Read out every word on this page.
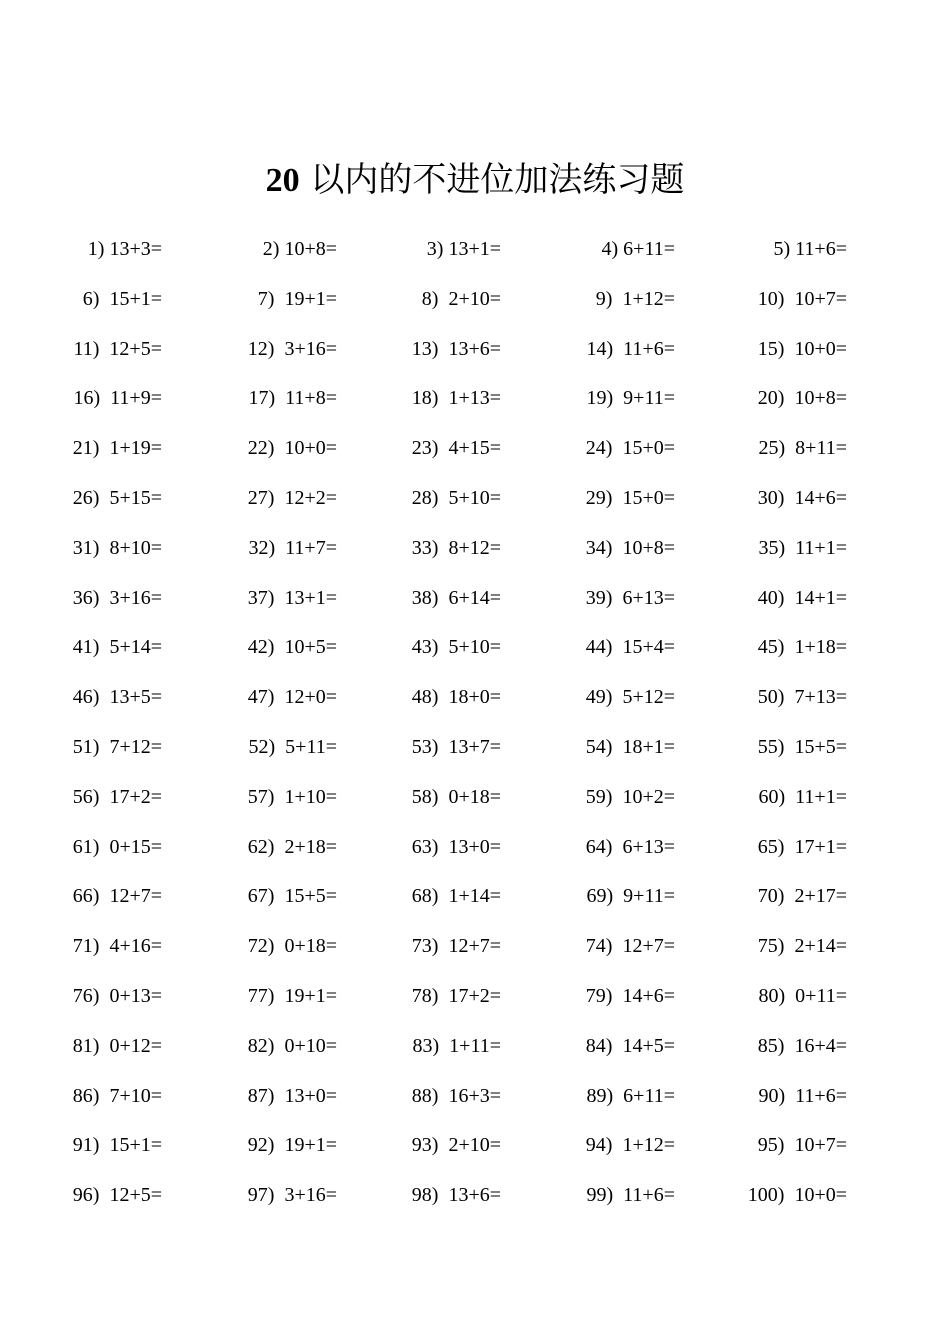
20 以内的不进位加法练习题
1) 13+3=	2) 10+8=	3) 13+1=	4) 6+11=	5) 11+6=
6)  15+1=	7)  19+1=	8)  2+10=	9)  1+12=	10)  10+7=
11)  12+5=	12)  3+16=	13)  13+6=	14)  11+6=	15)  10+0=
16)  11+9=	17)  11+8=	18)  1+13=	19)  9+11=	20)  10+8=
21)  1+19=	22)  10+0=	23)  4+15=	24)  15+0=	25)  8+11=
26)  5+15=	27)  12+2=	28)  5+10=	29)  15+0=	30)  14+6=
31)  8+10=	32)  11+7=	33)  8+12=	34)  10+8=	35)  11+1=
36)  3+16=	37)  13+1=	38)  6+14=	39)  6+13=	40)  14+1=
41)  5+14=	42)  10+5=	43)  5+10=	44)  15+4=	45)  1+18=
46)  13+5=	47)  12+0=	48)  18+0=	49)  5+12=	50)  7+13=
51)  7+12=	52)  5+11=	53)  13+7=	54)  18+1=	55)  15+5=
56)  17+2=	57)  1+10=	58)  0+18=	59)  10+2=	60)  11+1=
61)  0+15=	62)  2+18=	63)  13+0=	64)  6+13=	65)  17+1=
66)  12+7=	67)  15+5=	68)  1+14=	69)  9+11=	70)  2+17=
71)  4+16=	72)  0+18=	73)  12+7=	74)  12+7=	75)  2+14=
76)  0+13=	77)  19+1=	78)  17+2=	79)  14+6=	80)  0+11=
81)  0+12=	82)  0+10=	83)  1+11=	84)  14+5=	85)  16+4=
86)  7+10=	87)  13+0=	88)  16+3=	89)  6+11=	90)  11+6=
91)  15+1=	92)  19+1=	93)  2+10=	94)  1+12=	95)  10+7=
96)  12+5=	97)  3+16=	98)  13+6=	99)  11+6=	100)  10+0=
